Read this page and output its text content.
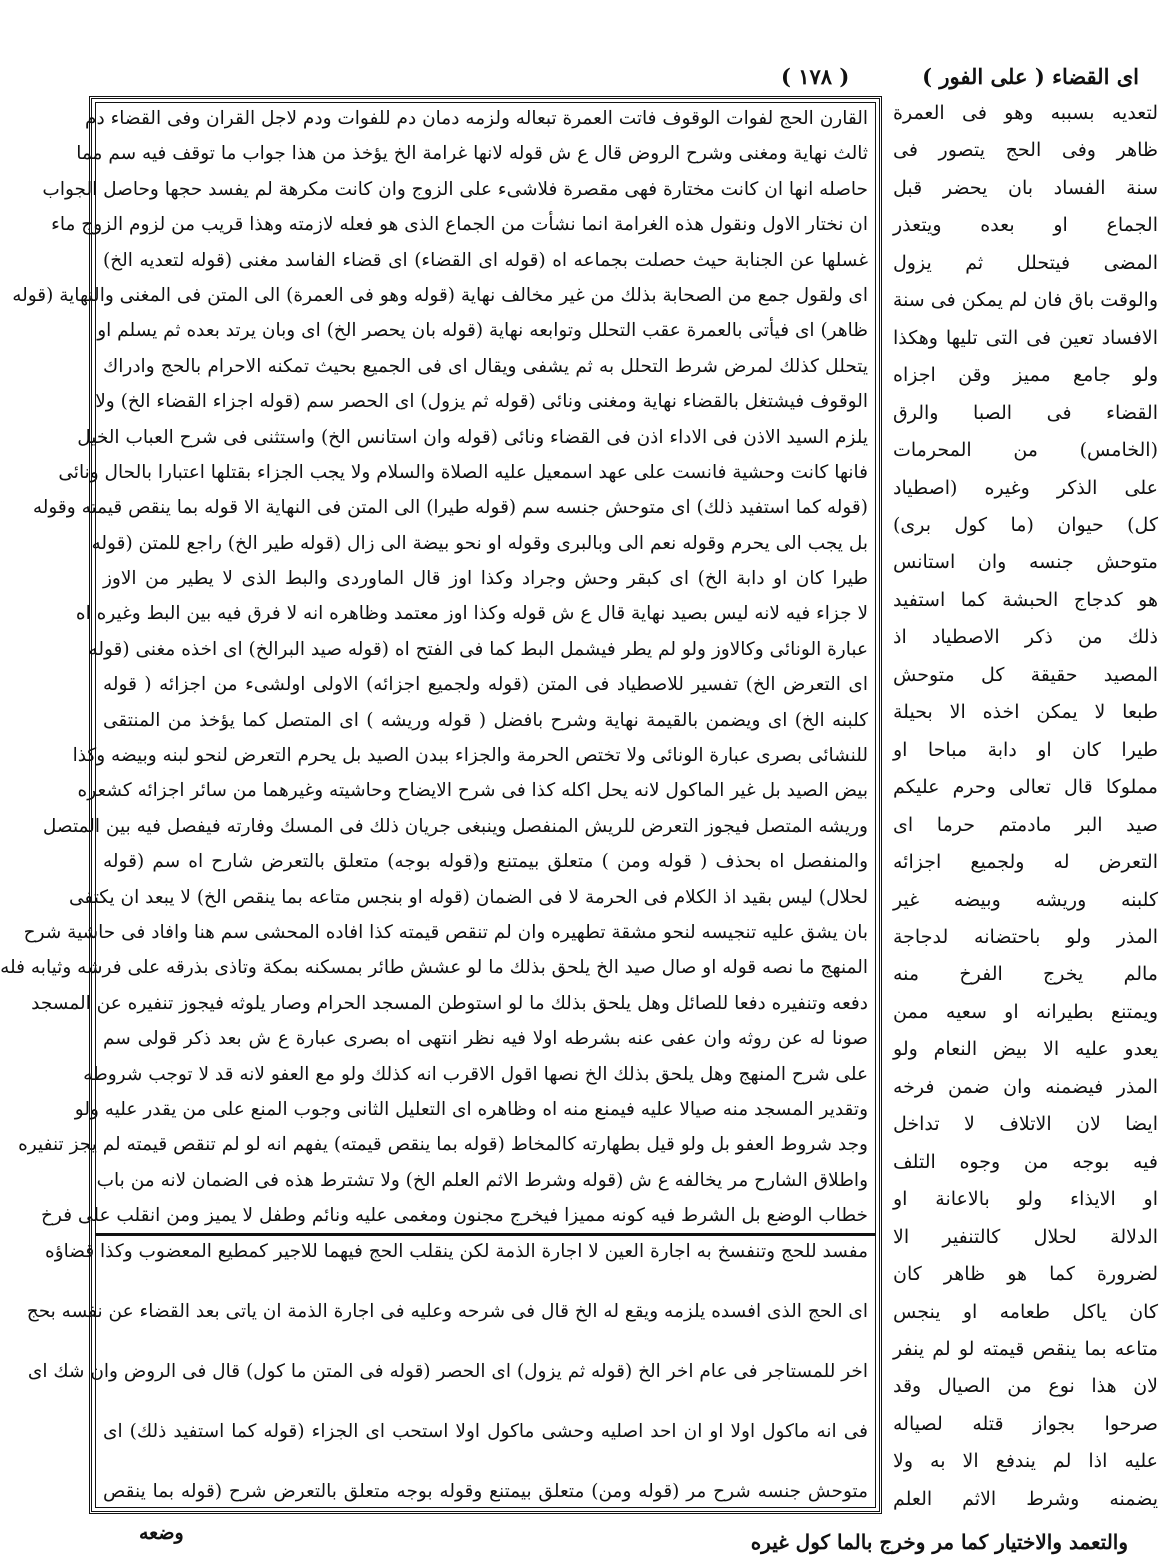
( ١٧٨ )	اى القضاء ( على الفور )
القارن الحج لفوات الوقوف فاتت العمرة تبعاله ولزمه دمان دم للفوات ودم لاجل القران وفى القضاء دم
ثالث نهاية ومغنى وشرح الروض قال ع ش قوله لانها غرامة الخ يؤخذ من هذا جواب ما توقف فيه سم مما
حاصله انها ان كانت مختارة فهى مقصرة فلاشىء على الزوج وان كانت مكرهة لم يفسد حجها وحاصل الجواب
ان نختار الاول ونقول هذه الغرامة انما نشأت من الجماع الذى هو فعله لازمته وهذا قريب من لزوم الزوج ماء
غسلها عن الجنابة حيث حصلت بجماعه اه (قوله اى القضاء) اى قضاء الفاسد مغنى (قوله لتعديه الخ)
اى ولقول جمع من الصحابة بذلك من غير مخالف نهاية (قوله وهو فى العمرة) الى المتن فى المغنى والنهاية (قوله
ظاهر) اى فيأتى بالعمرة عقب التحلل وتوابعه نهاية (قوله بان يحصر الخ) اى وبان يرتد بعده ثم يسلم او
يتحلل كذلك لمرض شرط التحلل به ثم يشفى ويقال اى فى الجميع بحيث تمكنه الاحرام بالحج وادراك
الوقوف فيشتغل بالقضاء نهاية ومغنى ونائى (قوله ثم يزول) اى الحصر سم (قوله اجزاء القضاء الخ) ولا
يلزم السيد الاذن فى الاداء اذن فى القضاء ونائى (قوله وان استانس الخ) واستثنى فى شرح العباب الخيل
فانها كانت وحشية فانست على عهد اسمعيل عليه الصلاة والسلام ولا يجب الجزاء بقتلها اعتبارا بالحال ونائى
(قوله كما استفيد ذلك) اى متوحش جنسه سم (قوله طيرا) الى المتن فى النهاية الا قوله بما ينقص قيمته وقوله
بل يجب الى يحرم وقوله نعم الى وبالبرى وقوله او نحو بيضة الى زال (قوله طير الخ) راجع للمتن (قوله
طيرا كان او دابة الخ) اى كبقر وحش وجراد وكذا اوز قال الماوردى والبط الذى لا يطير من الاوز
لا جزاء فيه لانه ليس بصيد نهاية قال ع ش قوله وكذا اوز معتمد وظاهره انه لا فرق فيه بين البط وغيره اه
عبارة الونائى وكالاوز ولو لم يطر فيشمل البط كما فى الفتح اه (قوله صيد البرالخ) اى اخذه مغنى (قوله
اى التعرض الخ) تفسير للاصطياد فى المتن (قوله ولجميع اجزائه) الاولى اولشىء من اجزائه ( قوله
كلبنه الخ) اى ويضمن بالقيمة نهاية وشرح بافضل ( قوله وريشه ) اى المتصل كما يؤخذ من المنتقى
للنشائى بصرى عبارة الونائى ولا تختص الحرمة والجزاء ببدن الصيد بل يحرم التعرض لنحو لبنه وبيضه وكذا
بيض الصيد بل غير الماكول لانه يحل اكله كذا فى شرح الايضاح وحاشيته وغيرهما من سائر اجزائه كشعره
وريشه المتصل فيجوز التعرض للريش المنفصل وينبغى جريان ذلك فى المسك وفارته فيفصل فيه بين المتصل
والمنفصل اه بحذف ( قوله ومن ) متعلق بيمتنع و(قوله بوجه) متعلق بالتعرض شارح اه سم (قوله
لحلال) ليس بقيد اذ الكلام فى الحرمة لا فى الضمان (قوله او بنجس متاعه بما ينقص الخ) لا يبعد ان يكتفى
بان يشق عليه تنجيسه لنحو مشقة تطهيره وان لم تنقص قيمته كذا افاده المحشى سم هنا وافاد فى حاشية شرح
المنهج ما نصه قوله او صال صيد الخ يلحق بذلك ما لو عشش طائر بمسكنه بمكة وتاذى بذرقه على فرشه وثيابه فله
دفعه وتنفيره دفعا للصائل وهل يلحق بذلك ما لو استوطن المسجد الحرام وصار يلوثه فيجوز تنفيره عن المسجد
صونا له عن روثه وان عفى عنه بشرطه اولا فيه نظر انتهى اه بصرى عبارة ع ش بعد ذكر قولى سم
على شرح المنهج وهل يلحق بذلك الخ نصها اقول الاقرب انه كذلك ولو مع العفو لانه قد لا توجب شروطه
وتقدير المسجد منه صيالا عليه فيمنع منه اه وظاهره اى التعليل الثانى وجوب المنع على من يقدر عليه ولو
وجد شروط العفو بل ولو قيل بطهارته كالمخاط (قوله بما ينقص قيمته) يفهم انه لو لم تنقص قيمته لم يجز تنفيره
واطلاق الشارح مر يخالفه ع ش (قوله وشرط الاثم العلم الخ) ولا تشترط هذه فى الضمان لانه من باب
خطاب الوضع بل الشرط فيه كونه مميزا فيخرج مجنون ومغمى عليه ونائم وطفل لا يميز ومن انقلب على فرخ
مفسد للحج وتنفسخ به اجارة العين لا اجارة الذمة لكن ينقلب الحج فيهما للاجير كمطيع المعضوب وكذا قضاؤه
اى الحج الذى افسده يلزمه ويقع له الخ قال فى شرحه وعليه فى اجارة الذمة ان ياتى بعد القضاء عن نفسه بحج
اخر للمستاجر فى عام اخر الخ (قوله ثم يزول) اى الحصر (قوله فى المتن ما كول) قال فى الروض وان شك اى
فى انه ماكول اولا او ان احد اصليه وحشى ماكول اولا استحب اى الجزاء (قوله كما استفيد ذلك) اى
متوحش جنسه شرح مر (قوله ومن) متعلق بيمتنع وقوله بوجه متعلق بالتعرض شرح (قوله بما ينقص
لتعديه بسببه وهو فى العمرة
ظاهر وفى الحج يتصور فى
سنة الفساد بان يحضر قبل
الجماع او بعده ويتعذر
المضى فيتحلل ثم يزول
والوقت باق فان لم يمكن فى سنة
الافساد تعين فى التى تليها وهكذا
ولو جامع مميز وقن اجزاه
القضاء فى الصبا والرق
(الخامس) من المحرمات
على الذكر وغيره (اصطياد
كل) حيوان (ما كول برى)
متوحش جنسه وان استانس
هو كدجاج الحبشة كما استفيد
ذلك من ذكر الاصطياد اذ
المصيد حقيقة كل متوحش
طبعا لا يمكن اخذه الا بحيلة
طيرا كان او دابة مباحا او
مملوكا قال تعالى وحرم عليكم
صيد البر مادمتم حرما اى
التعرض له ولجميع اجزائه
كلبنه وريشه وبيضه غير
المذر ولو باحتضانه لدجاجة
مالم يخرج الفرخ منه
ويمتنع بطيرانه او سعيه ممن
يعدو عليه الا بيض النعام ولو
المذر فيضمنه وان ضمن فرخه
ايضا لان الاتلاف لا تداخل
فيه بوجه من وجوه التلف
او الايذاء ولو بالاعانة او
الدلالة لحلال كالتنفير الا
لضرورة كما هو ظاهر كان
كان ياكل طعامه او ينجس
متاعه بما ينقص قيمته لو لم ينفر
لان هذا نوع من الصيال وقد
صرحوا بجواز قتله لصياله
عليه اذا لم يندفع الا به ولا
يضمنه وشرط الاثم العلم
والتعمد والاختيار كما مر وخرج بالما كول غيره
وضعه
